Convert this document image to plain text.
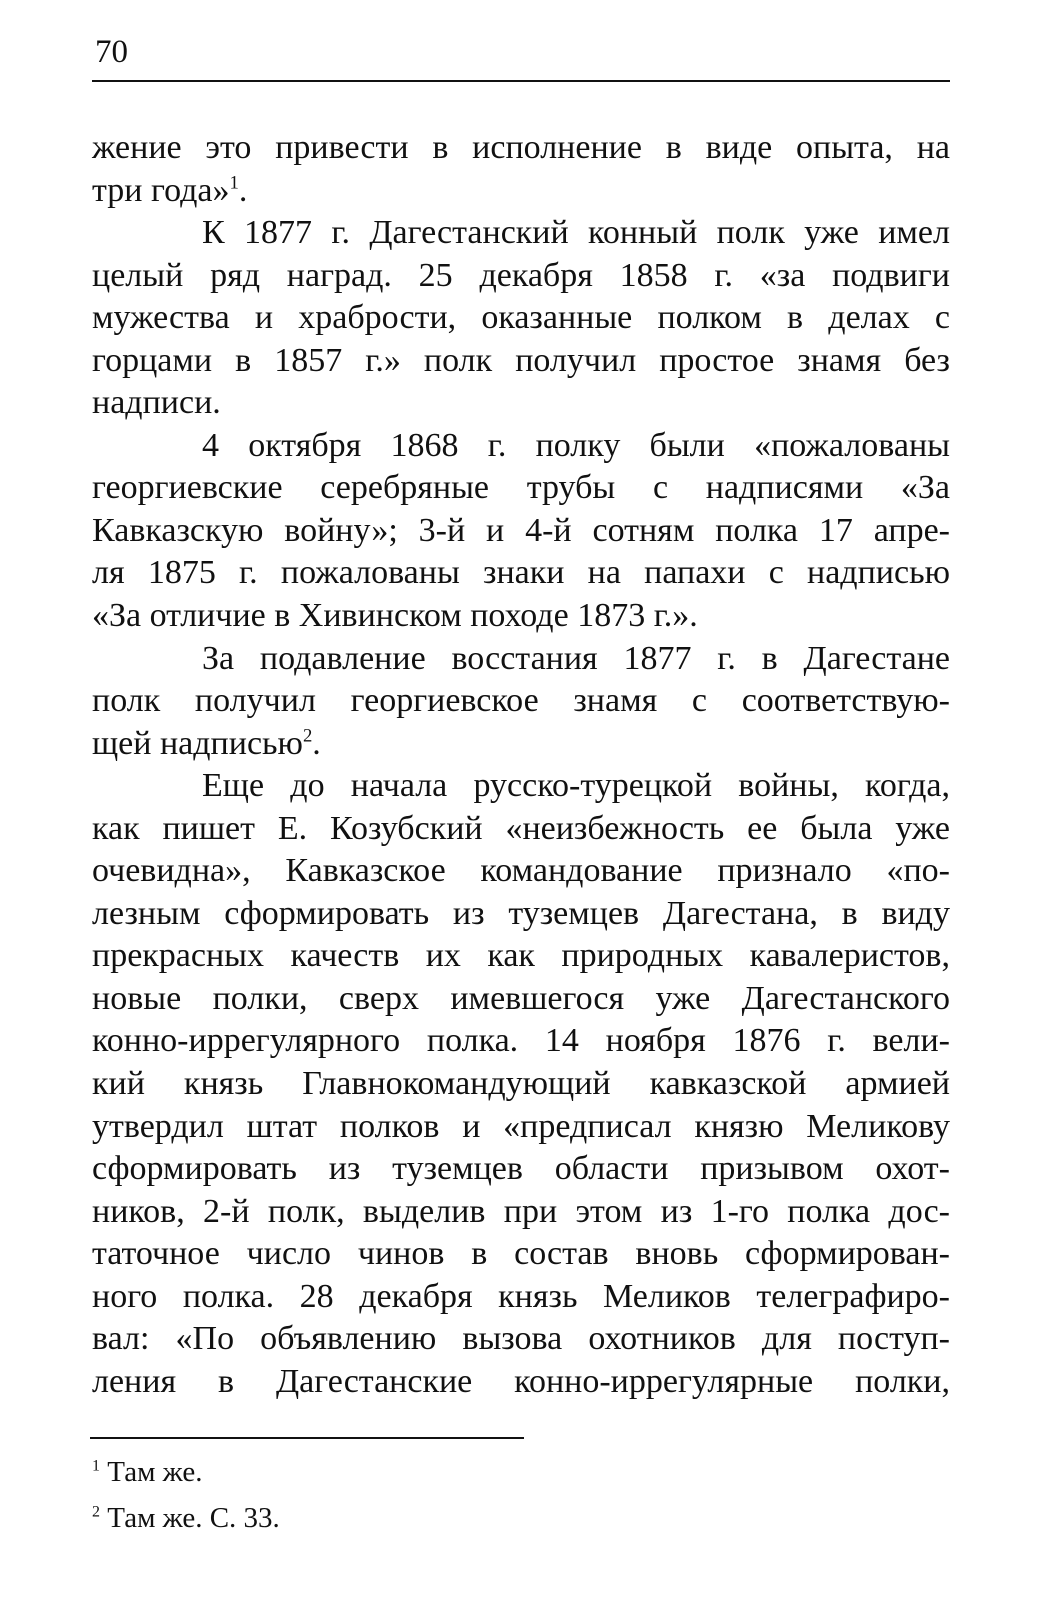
70
жение это привести в исполнение в виде опыта, на
три года»$^1$.
К 1877 г. Дагестанский конный полк уже имел
целый ряд наград. 25 декабря 1858 г. «за подвиги
мужества и храбрости, оказанные полком в делах с
горцами в 1857 г.» полк получил простое знамя без
надписи.
4 октября 1868 г. полку были «пожалованы
георгиевские серебряные трубы с надписями «За
Кавказскую войну»; 3-й и 4-й сотням полка 17 апре-
ля 1875 г. пожалованы знаки на папахи с надписью
«За отличие в Хивинском походе 1873 г.».
За подавление восстания 1877 г. в Дагестане
полк получил георгиевское знамя с соответствую-
щей надписью$^2$.
Еще до начала русско-турецкой войны, когда,
как пишет Е. Козубский «неизбежность ее была уже
очевидна», Кавказское командование признало «по-
лезным сформировать из туземцев Дагестана, в виду
прекрасных качеств их как природных кавалеристов,
новые полки, сверх имевшегося уже Дагестанского
конно-иррегулярного полка. 14 ноября 1876 г. вели-
кий князь Главнокомандующий кавказской армией
утвердил штат полков и «предписал князю Меликову
сформировать из туземцев области призывом охот-
ников, 2-й полк, выделив при этом из 1-го полка дос-
таточное число чинов в состав вновь сформирован-
ного полка. 28 декабря князь Меликов телеграфиро-
вал: «По объявлению вызова охотников для поступ-
ления в Дагестанские конно-иррегулярные полки,
$^1$ Там же.
$^2$ Там же. С. 33.
